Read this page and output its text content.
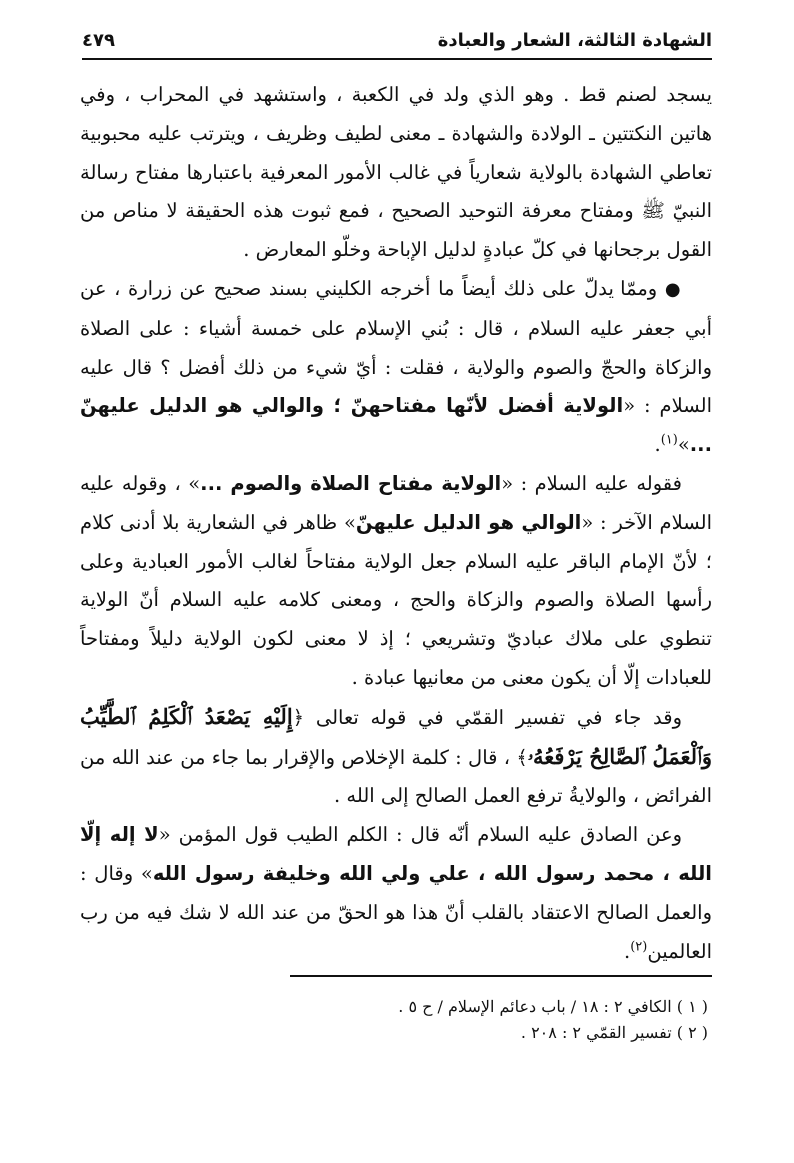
الشهادة الثالثة، الشعار والعبادة
٤٧٩

يسجد لصنم قط . وهو الذي ولد في الكعبة ، واستشهد في المحراب ، وفي هاتين النكتتين ـ الولادة والشهادة ـ معنى لطيف وظريف ، ويترتب عليه محبوبية تعاطي الشهادة بالولاية شعارياً في غالب الأمور المعرفية باعتبارها مفتاح رسالة النبيّ ﷺ ومفتاح معرفة التوحيد الصحيح ، فمع ثبوت هذه الحقيقة لا مناص من القول برجحانها في كلّ عبادةٍ لدليل الإباحة وخلّو المعارض .

● وممّا يدلّ على ذلك أيضاً ما أخرجه الكليني بسند صحيح عن زرارة ، عن أبي جعفر عليه السلام ، قال : بُني الإسلام على خمسة أشياء : على الصلاة والزكاة والحجّ والصوم والولاية ، فقلت : أيّ شيء من ذلك أفضل ؟ قال عليه السلام : «الولاية أفضل لأنّها مفتاحهنّ ؛ والوالي هو الدليل عليهنّ ...»$^{(١)}$.

فقوله عليه السلام : «الولاية مفتاح الصلاة والصوم ...» ، وقوله عليه السلام الآخر : «الوالي هو الدليل عليهنّ» ظاهر في الشعارية بلا أدنى كلام ؛ لأنّ الإمام الباقر عليه السلام جعل الولاية مفتاحاً لغالب الأمور العبادية وعلى رأسها الصلاة والصوم والزكاة والحج ، ومعنى كلامه عليه السلام أنّ الولاية تنطوي على ملاك عباديّ وتشريعي ؛ إذ لا معنى لكون الولاية دليلاً ومفتاحاً للعبادات إلّا أن يكون معنى من معانيها عبادة .

وقد جاء في تفسير القمّي في قوله تعالى ﴿إِلَيْهِ يَصْعَدُ ٱلْكَلِمُ ٱلطَّيِّبُ وَٱلْعَمَلُ ٱلصَّالِحُ يَرْفَعُهُۥ﴾ ، قال : كلمة الإخلاص والإقرار بما جاء من عند الله من الفرائض ، والولايةُ ترفع العمل الصالح إلى الله .

وعن الصادق عليه السلام أنّه قال : الكلم الطيب قول المؤمن «لا إله إلّا الله ، محمد رسول الله ، علي ولي الله وخليفة رسول الله» وقال : والعمل الصالح الاعتقاد بالقلب أنّ هذا هو الحقّ من عند الله لا شك فيه من رب العالمين$^{(٢)}$.

( ١ ) الكافي ٢ : ١٨ / باب دعائم الإسلام / ح ٥ .

( ٢ ) تفسير القمّي ٢ : ٢٠٨ .
